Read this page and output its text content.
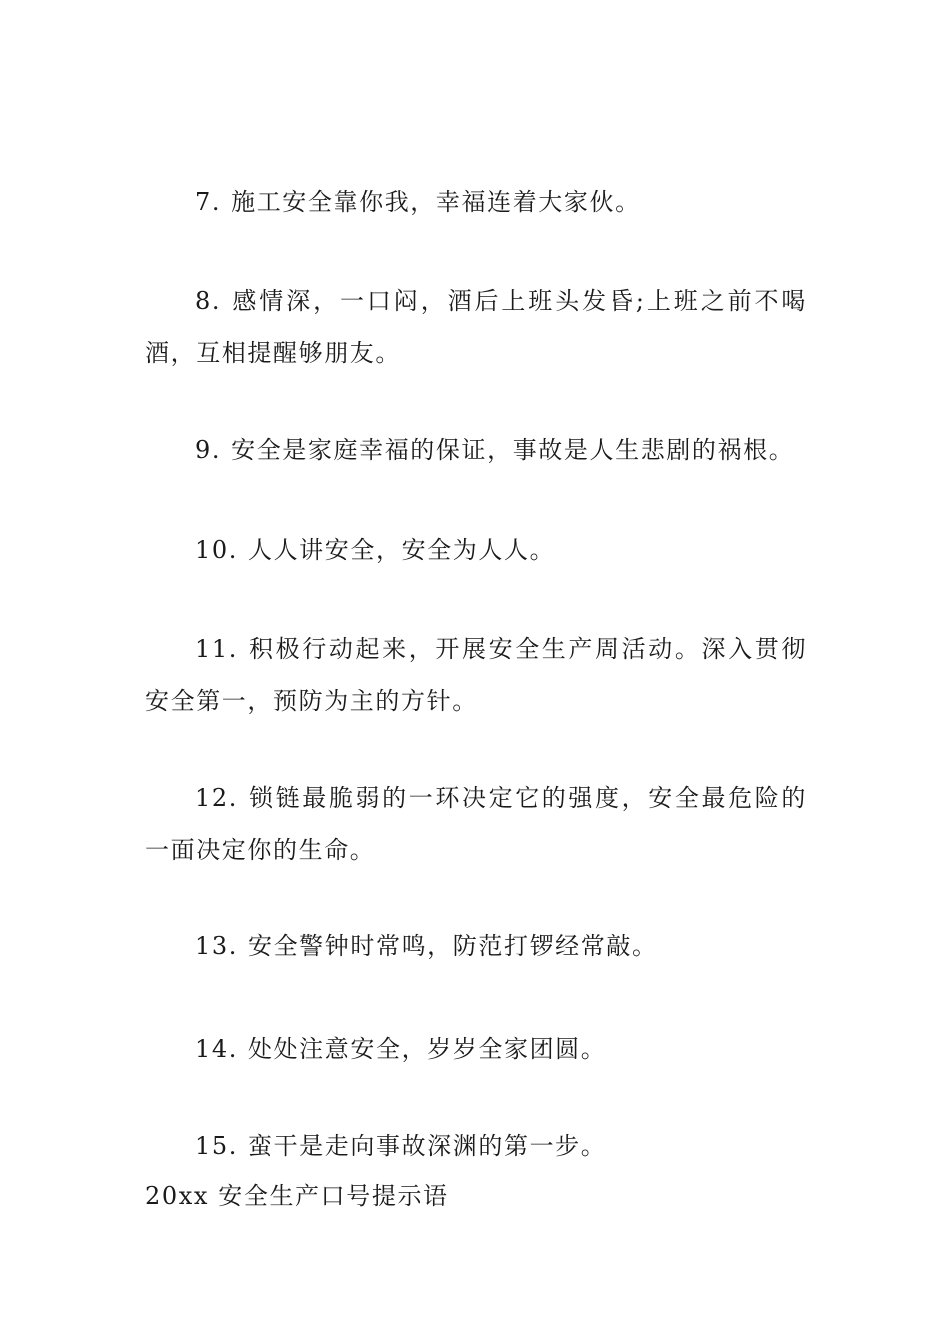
7. 施工安全靠你我，幸福连着大家伙。

8. 感情深，一口闷，酒后上班头发昏;上班之前不喝酒，互相提醒够朋友。

9. 安全是家庭幸福的保证，事故是人生悲剧的祸根。

10. 人人讲安全，安全为人人。

11. 积极行动起来，开展安全生产周活动。深入贯彻安全第一，预防为主的方针。

12. 锁链最脆弱的一环决定它的强度，安全最危险的一面决定你的生命。

13. 安全警钟时常鸣，防范打锣经常敲。

14. 处处注意安全，岁岁全家团圆。

15. 蛮干是走向事故深渊的第一步。

20xx 安全生产口号提示语
